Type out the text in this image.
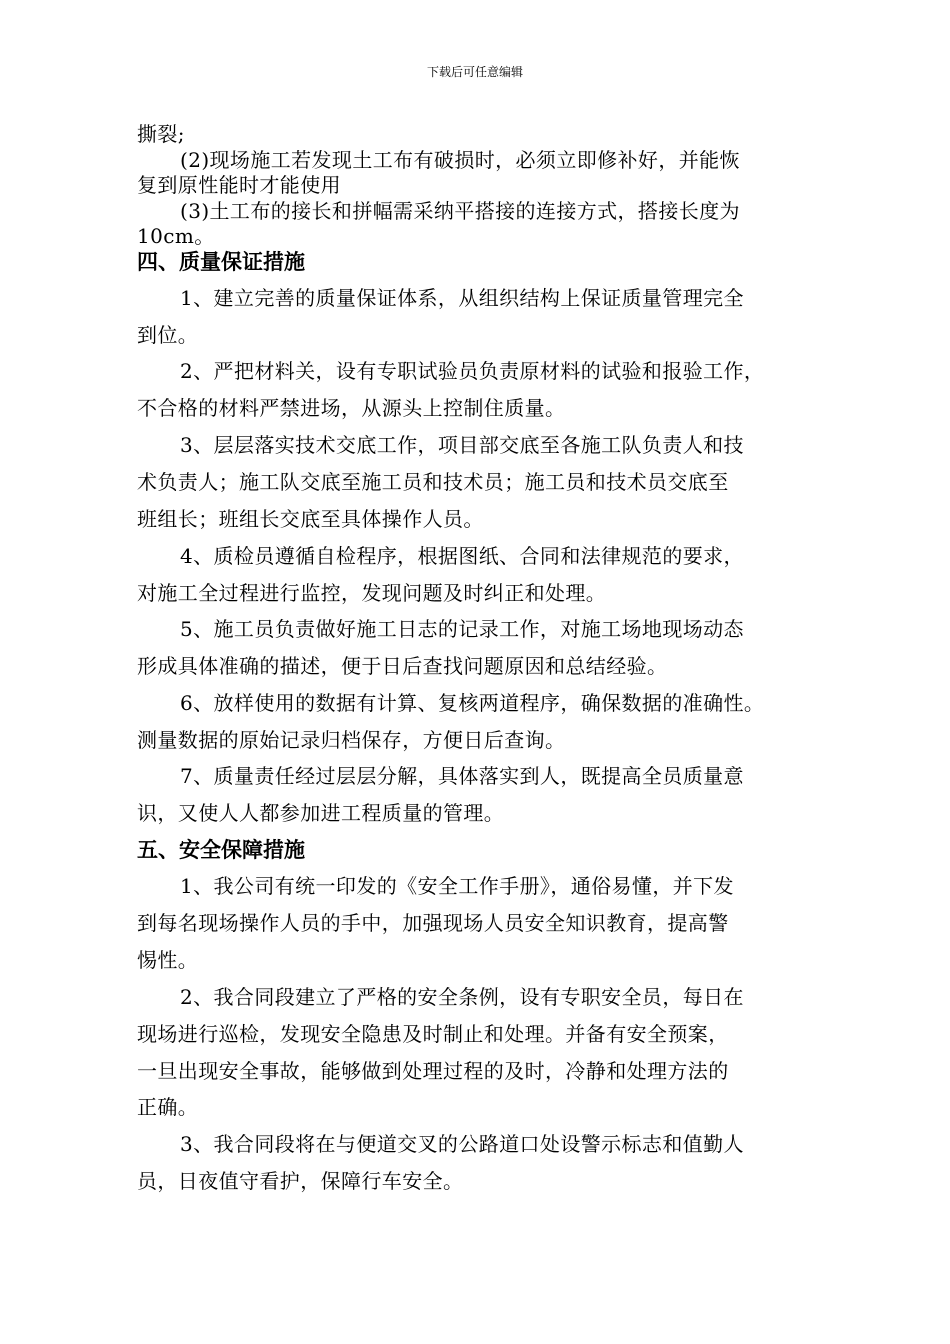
下载后可任意编辑
撕裂;
(2)现场施工若发现土工布有破损时，必须立即修补好，并能恢
复到原性能时才能使用
(3)土工布的接长和拼幅需采纳平搭接的连接方式，搭接长度为
10cm。
四、质量保证措施
1、建立完善的质量保证体系，从组织结构上保证质量管理完全
到位。
2、严把材料关，设有专职试验员负责原材料的试验和报验工作，
不合格的材料严禁进场，从源头上控制住质量。
3、层层落实技术交底工作，项目部交底至各施工队负责人和技
术负责人；施工队交底至施工员和技术员；施工员和技术员交底至
班组长；班组长交底至具体操作人员。
4、质检员遵循自检程序，根据图纸、合同和法律规范的要求，
对施工全过程进行监控，发现问题及时纠正和处理。
5、施工员负责做好施工日志的记录工作，对施工场地现场动态
形成具体准确的描述，便于日后查找问题原因和总结经验。
6、放样使用的数据有计算、复核两道程序，确保数据的准确性。
测量数据的原始记录归档保存，方便日后查询。
7、质量责任经过层层分解，具体落实到人，既提高全员质量意
识，又使人人都参加进工程质量的管理。
五、安全保障措施
1、我公司有统一印发的《安全工作手册》，通俗易懂，并下发
到每名现场操作人员的手中，加强现场人员安全知识教育，提高警
惕性。
2、我合同段建立了严格的安全条例，设有专职安全员，每日在
现场进行巡检，发现安全隐患及时制止和处理。并备有安全预案，
一旦出现安全事故，能够做到处理过程的及时，冷静和处理方法的
正确。
3、我合同段将在与便道交叉的公路道口处设警示标志和值勤人
员，日夜值守看护，保障行车安全。
